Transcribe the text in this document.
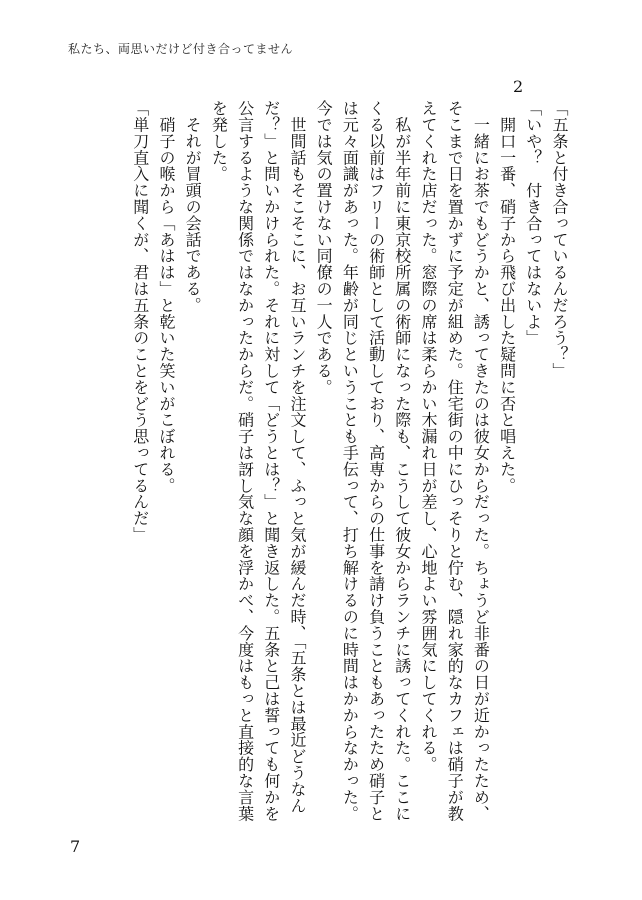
私たち、両思いだけど付き合ってません
2

「五条と付き合っているんだろう？」

「いや？　付き合ってはないよ」

　開口一番、硝子から飛び出した疑問に否と唱えた。

　一緒にお茶でもどうかと、誘ってきたのは彼女からだった。ちょうど非番の日が近かったため、そこまで日を置かずに予定が組めた。住宅街の中にひっそりと佇む、隠れ家的なカフェは硝子が教えてくれた店だった。窓際の席は柔らかい木漏れ日が差し、心地よい雰囲気にしてくれる。

　私が半年前に東京校所属の術師になった際も、こうして彼女からランチに誘ってくれた。ここにくる以前はフリーの術師として活動しており、高専からの仕事を請け負うこともあったため硝子とは元々面識があった。年齢が同じということも手伝って、打ち解けるのに時間はかからなかった。今では気の置けない同僚の一人である。

　世間話もそこそこに、お互いランチを注文して、ふっと気が緩んだ時、「五条とは最近どうなんだ？」と問いかけられた。それに対して「どうとは？」と聞き返した。五条と己は誓っても何かを公言するような関係ではなかったからだ。硝子は訝し気な顔を浮かべ、今度はもっと直接的な言葉を発した。

　それが冒頭の会話である。

　硝子の喉から「あはは」と乾いた笑いがこぼれる。

「単刀直入に聞くが、君は五条のことをどう思ってるんだ」

7
